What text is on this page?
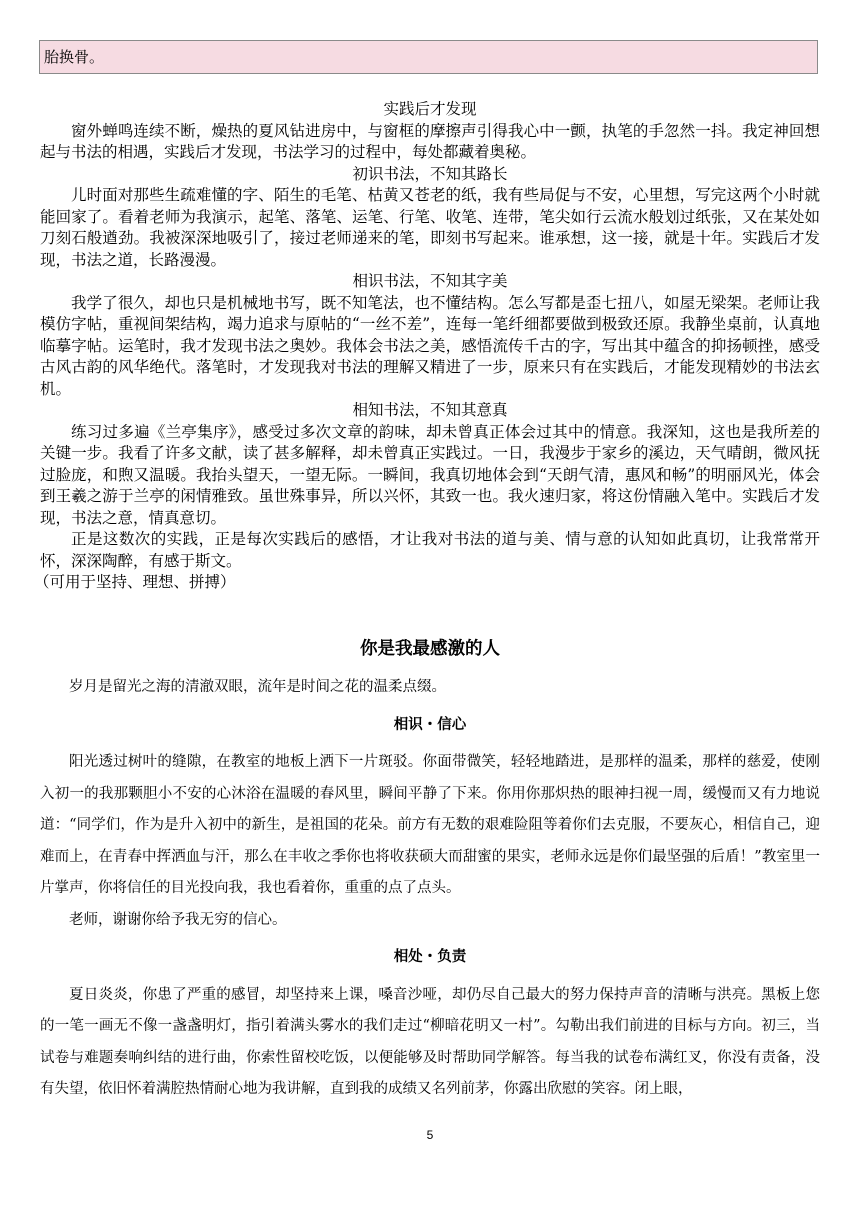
胎换骨。
实践后才发现

窗外蝉鸣连续不断，燥热的夏风钻进房中，与窗框的摩擦声引得我心中一颤，执笔的手忽然一抖。我定神回想起与书法的相遇，实践后才发现，书法学习的过程中，每处都藏着奥秘。

初识书法，不知其路长

儿时面对那些生疏难懂的字、陌生的毛笔、枯黄又苍老的纸，我有些局促与不安，心里想，写完这两个小时就能回家了。看着老师为我演示，起笔、落笔、运笔、行笔、收笔、连带，笔尖如行云流水般划过纸张，又在某处如刀刻石般遒劲。我被深深地吸引了，接过老师递来的笔，即刻书写起来。谁承想，这一接，就是十年。实践后才发现，书法之道，长路漫漫。

相识书法，不知其字美

我学了很久，却也只是机械地书写，既不知笔法，也不懂结构。怎么写都是歪七扭八，如屋无梁架。老师让我模仿字帖，重视间架结构，竭力追求与原帖的“一丝不差”，连每一笔纤细都要做到极致还原。我静坐桌前，认真地临摹字帖。运笔时，我才发现书法之奥妙。我体会书法之美，感悟流传千古的字，写出其中蕴含的抑扬顿挫，感受古风古韵的风华绝代。落笔时，才发现我对书法的理解又精进了一步，原来只有在实践后，才能发现精妙的书法玄机。

相知书法，不知其意真

练习过多遍《兰亭集序》，感受过多次文章的韵味，却未曾真正体会过其中的情意。我深知，这也是我所差的关键一步。我看了许多文献，读了甚多解释，却未曾真正实践过。一日，我漫步于家乡的溪边，天气晴朗，微风抚过脸庞，和煦又温暖。我抬头望天，一望无际。一瞬间，我真切地体会到“天朗气清，惠风和畅”的明丽风光，体会到王羲之游于兰亭的闲情雅致。虽世殊事异，所以兴怀，其致一也。我火速归家，将这份情融入笔中。实践后才发现，书法之意，情真意切。

正是这数次的实践，正是每次实践后的感悟，才让我对书法的道与美、情与意的认知如此真切，让我常常开怀，深深陶醉，有感于斯文。

（可用于坚持、理想、拼搏）

你是我最感激的人

岁月是留光之海的清澈双眼，流年是时间之花的温柔点缀。

相识・信心

阳光透过树叶的缝隙，在教室的地板上洒下一片斑驳。你面带微笑，轻轻地踏进，是那样的温柔，那样的慈爱，使刚入初一的我那颗胆小不安的心沐浴在温暖的春风里，瞬间平静了下来。你用你那炽热的眼神扫视一周，缓慢而又有力地说道：“同学们，作为是升入初中的新生，是祖国的花朵。前方有无数的艰难险阻等着你们去克服，不要灰心，相信自己，迎难而上，在青春中挥洒血与汗，那么在丰收之季你也将收获硕大而甜蜜的果实，老师永远是你们最坚强的后盾！”教室里一片掌声，你将信任的目光投向我，我也看着你，重重的点了点头。

老师，谢谢你给予我无穷的信心。

相处・负责

夏日炎炎，你患了严重的感冒，却坚持来上课，嗓音沙哑，却仍尽自己最大的努力保持声音的清晰与洪亮。黑板上您的一笔一画无不像一盏盏明灯，指引着满头雾水的我们走过“柳暗花明又一村”。勾勒出我们前进的目标与方向。初三，当试卷与难题奏响纠结的进行曲，你索性留校吃饭，以便能够及时帮助同学解答。每当我的试卷布满红叉，你没有责备，没有失望，依旧怀着满腔热情耐心地为我讲解，直到我的成绩又名列前茅，你露出欣慰的笑容。闭上眼，

5
